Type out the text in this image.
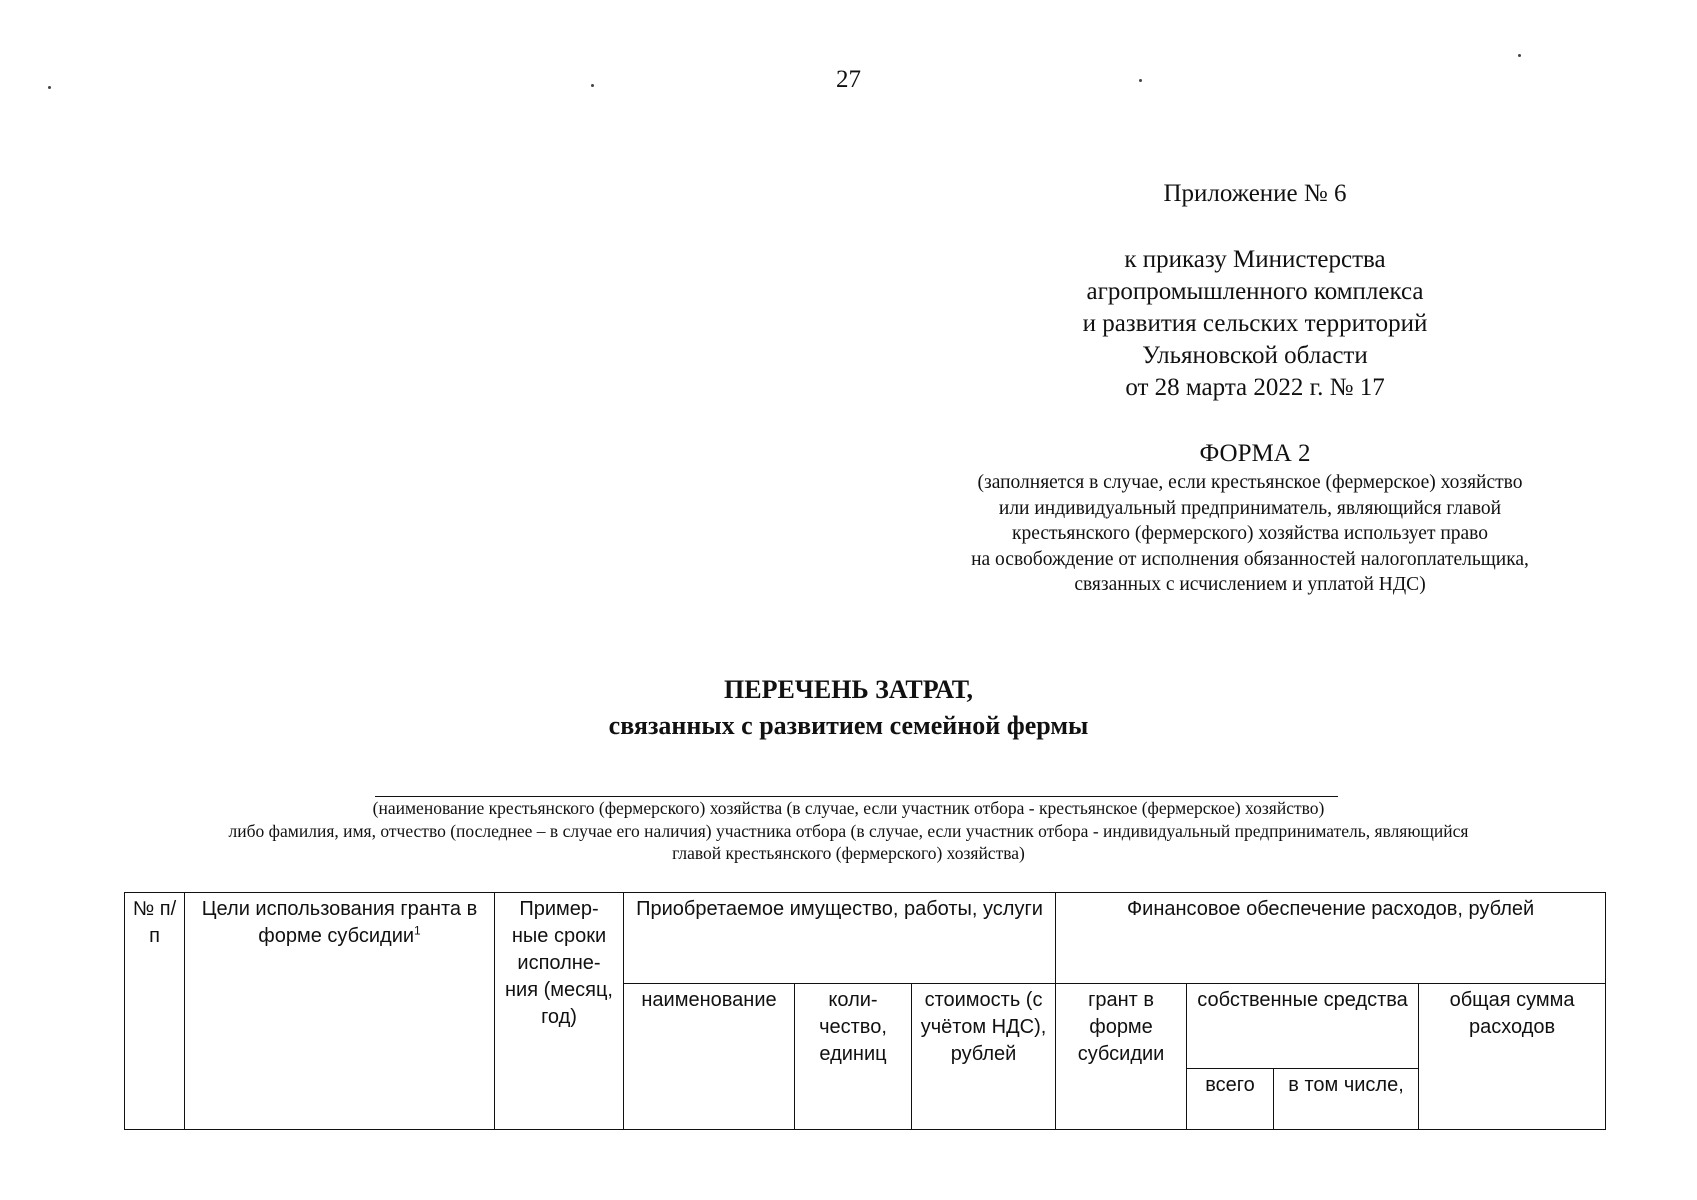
27
Приложение № 6
к приказу Министерства
агропромышленного комплекса
и развития сельских территорий
Ульяновской области
от 28 марта 2022 г. № 17
ФОРМА 2
(заполняется в случае, если крестьянское (фермерское) хозяйство
или индивидуальный предприниматель, являющийся главой
крестьянского (фермерского) хозяйства использует право
на освобождение от исполнения обязанностей налогоплательщика,
связанных с исчислением и уплатой НДС)
ПЕРЕЧЕНЬ ЗАТРАТ,
связанных с развитием семейной фермы
(наименование крестьянского (фермерского) хозяйства (в случае, если участник отбора - крестьянское (фермерское) хозяйство)
либо фамилия, имя, отчество (последнее – в случае его наличия) участника отбора (в случае, если участник отбора - индивидуальный предприниматель, являющийся
главой крестьянского (фермерского) хозяйства)
№ п/п	Цели использования гранта в форме субсидии$^1$	Пример- ные сроки исполне- ния (месяц, год)	Приобретаемое имущество, работы, услуги			Финансовое обеспечение расходов, рублей			
			наименование	коли- чество, единиц	стоимость (с учётом НДС), рублей	грант в форме субсидии	собственные средства		общая сумма расходов
							всего	в том числе,	
